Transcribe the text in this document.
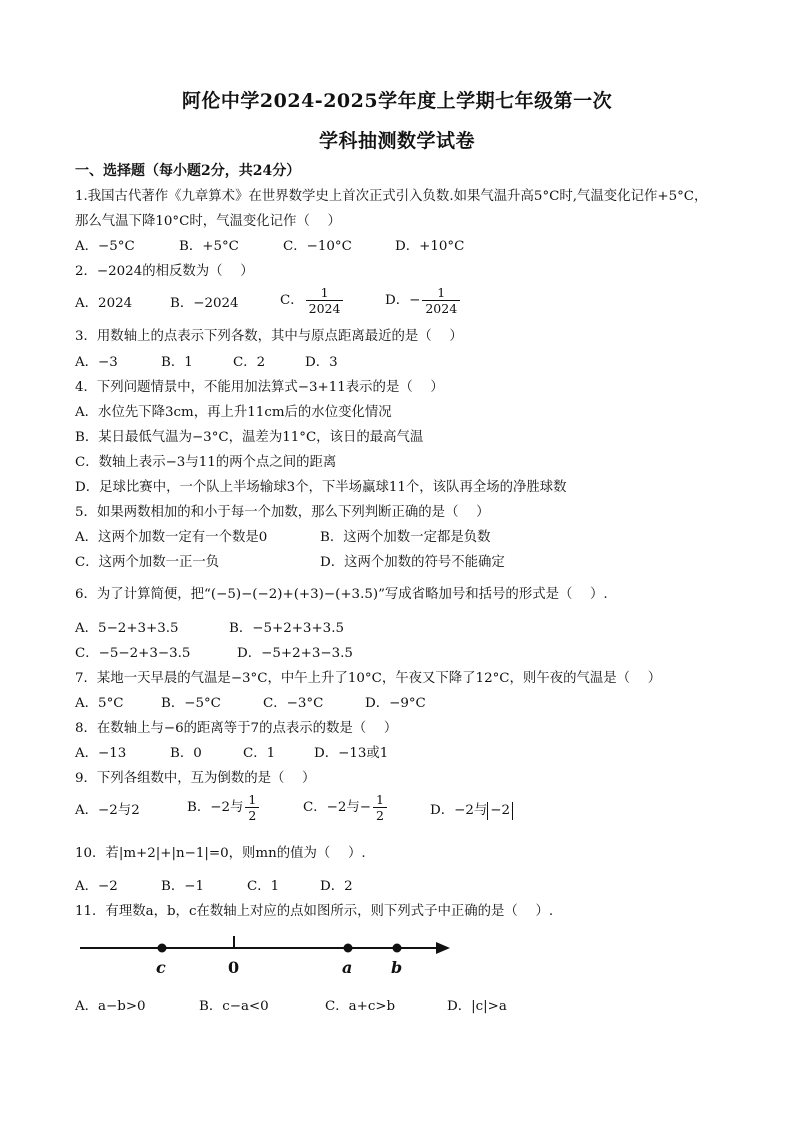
阿伦中学2024-2025学年度上学期七年级第一次
学科抽测数学试卷
一、选择题（每小题2分，共24分）
1.我国古代著作《九章算术》在世界数学史上首次正式引入负数.如果气温升高5°C时,气温变化记作+5°C，
那么气温下降10°C时，气温变化记作（　 ）
A．−5°C	B．+5°C	C．−10°C	D．+10°C
2．−2024的相反数为（　 ）
A．2024	B．−2024	C． $\frac{1}{2024}$	D．− $\frac{1}{2024}$
3．用数轴上的点表示下列各数，其中与原点距离最近的是（　 ）
A．−3	B．1	C．2	D．3
4．下列问题情景中，不能用加法算式−3+11表示的是（　 ）
A．水位先下降3cm，再上升11cm后的水位变化情况
B．某日最低气温为−3°C，温差为11°C，该日的最高气温
C．数轴上表示−3与11的两个点之间的距离
D．足球比赛中，一个队上半场输球3个，下半场赢球11个，该队再全场的净胜球数
5．如果两数相加的和小于每一个加数，那么下列判断正确的是（　 ）
A．这两个加数一定有一个数是0	B．这两个加数一定都是负数
C．这两个加数一正一负	D．这两个加数的符号不能确定
6．为了计算简便，把“(−5)−(−2)+(+3)−(+3.5)”写成省略加号和括号的形式是（　 ）.
A．5−2+3+3.5	B．−5+2+3+3.5
C．−5−2+3−3.5	D．−5+2+3−3.5
7．某地一天早晨的气温是−3°C，中午上升了10°C，午夜又下降了12°C，则午夜的气温是（　 ）
A．5°C	B．−5°C	C．−3°C	D．−9°C
8．在数轴上与−6的距离等于7的点表示的数是（　 ）
A．−13	B．0	C．1	D．−13或1
9．下列各组数中，互为倒数的是（　 ）
A．−2与2	B．−2与 $\frac{1}{2}$	C．−2与− $\frac{1}{2}$	D．−2与 −2
10．若|m+2|+|n−1|=0，则mn的值为（　 ）.
A．−2	B．−1	C．1	D．2
11．有理数a，b，c在数轴上对应的点如图所示，则下列式子中正确的是（　 ）.
c	0	a b
A．a−b>0	B．c−a<0	C．a+c>b	D．|c|>a
